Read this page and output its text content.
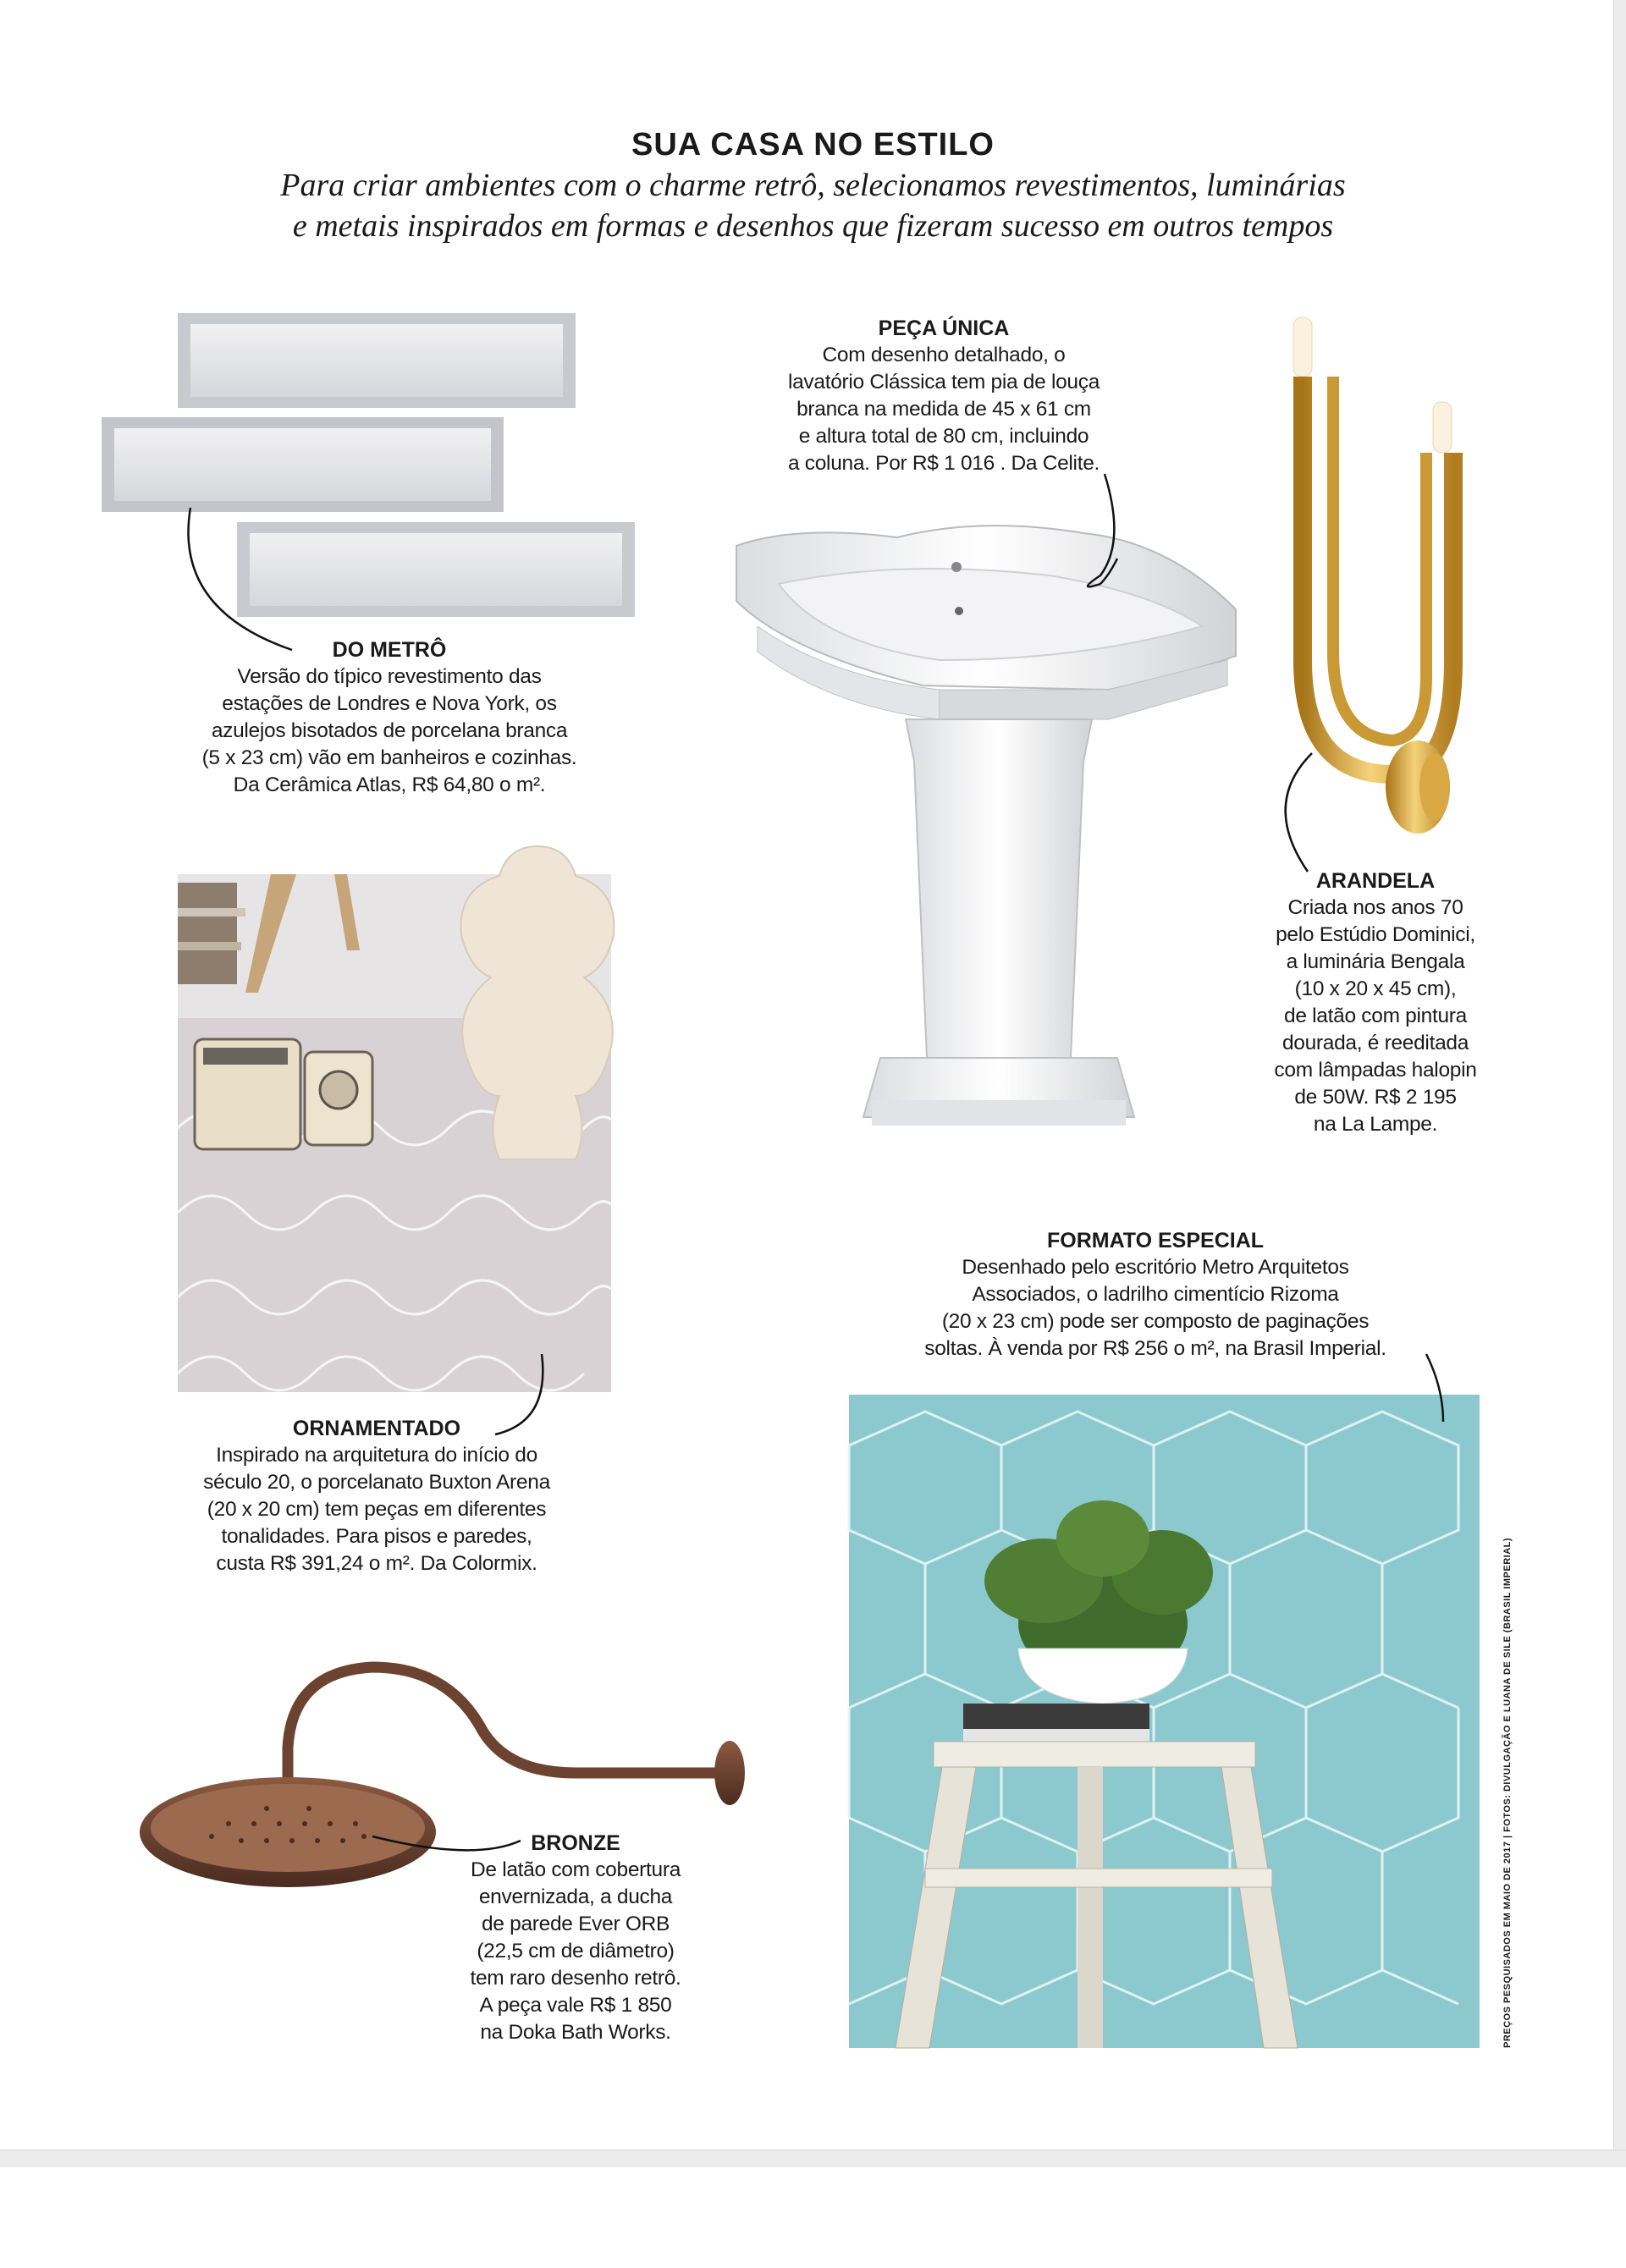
SUA CASA NO ESTILO
Para criar ambientes com o charme retrô, selecionamos revestimentos, luminárias
e metais inspirados em formas e desenhos que fizeram sucesso em outros tempos
DO METRÔ
Versão do típico revestimento das
estações de Londres e Nova York, os
azulejos bisotados de porcelana branca
(5 x 23 cm) vão em banheiros e cozinhas.
Da Cerâmica Atlas, R$ 64,80 o m².
PEÇA ÚNICA
Com desenho detalhado, o
lavatório Clássica tem pia de louça
branca na medida de 45 x 61 cm
e altura total de 80 cm, incluindo
a coluna. Por R$ 1 016 . Da Celite.
ARANDELA
Criada nos anos 70
pelo Estúdio Dominici,
a luminária Bengala
(10 x 20 x 45 cm),
de latão com pintura
dourada, é reeditada
com lâmpadas halopin
de 50W. R$ 2 195
na La Lampe.
FORMATO ESPECIAL
Desenhado pelo escritório Metro Arquitetos
Associados, o ladrilho cimentício Rizoma
(20 x 23 cm) pode ser composto de paginações
soltas. À venda por R$ 256 o m², na Brasil Imperial.
ORNAMENTADO
Inspirado na arquitetura do início do
século 20, o porcelanato Buxton Arena
(20 x 20 cm) tem peças em diferentes
tonalidades. Para pisos e paredes,
custa R$ 391,24 o m². Da Colormix.
BRONZE
De latão com cobertura
envernizada, a ducha
de parede Ever ORB
(22,5 cm de diâmetro)
tem raro desenho retrô.
A peça vale R$ 1 850
na Doka Bath Works.	PREÇOS PESQUISADOS EM MAIO DE 2017 | FOTOS: DIVULGAÇÃO E LUANA DE SILE (BRASIL IMPERIAL)
